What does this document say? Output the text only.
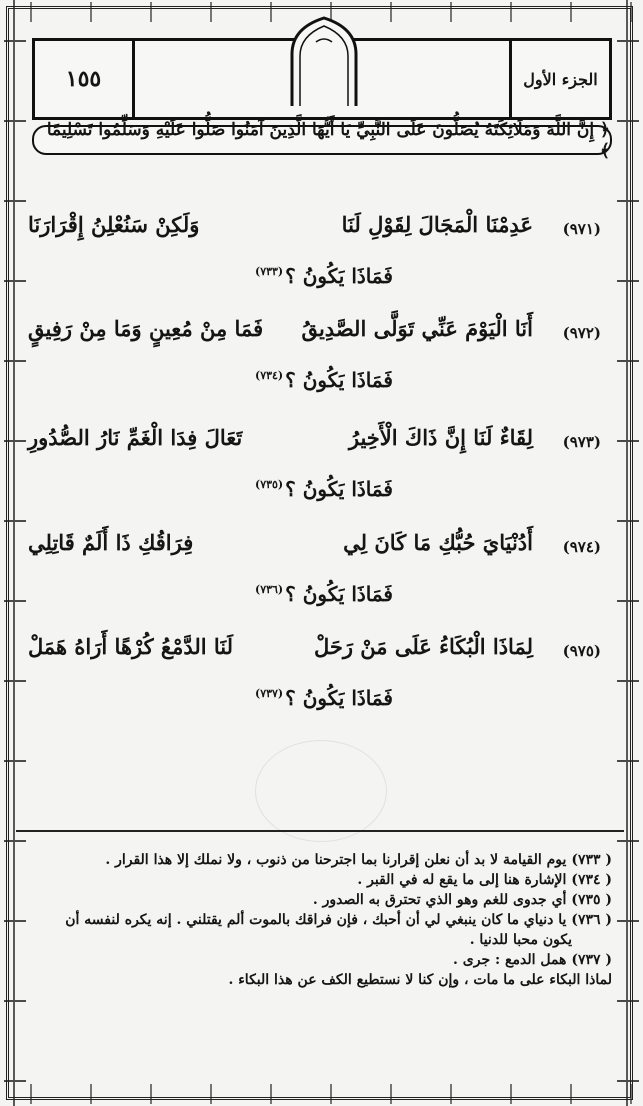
١٥٥	الجزء الأول
﴿ إِنَّ اللَّهَ وَمَلَائِكَتَهُ يُصَلُّونَ عَلَى النَّبِيِّ يَا أَيُّهَا الَّذِينَ آمَنُوا صَلُّوا عَلَيْهِ وَسَلِّمُوا تَسْلِيمًا ﴾
(٩٧١)
عَدِمْنَا الْمَجَالَ لِقَوْلِ لَنَا
وَلَكِنْ سَنُعْلِنُ إِقْرَارَنَا
فَمَاذَا يَكُونُ ؟$^{(٧٣٣)}$
(٩٧٢)
أَنَا الْيَوْمَ عَنِّي تَوَلَّى الصَّدِيقُ
فَمَا مِنْ مُعِينٍ وَمَا مِنْ رَفِيقٍ
فَمَاذَا يَكُونُ ؟$^{(٧٣٤)}$
(٩٧٣)
لِقَاءٌ لَنَا إِنَّ ذَاكَ الْأَخِيرُ
تَعَالَ فِدَا الْغَمِّ نَارُ الصُّدُورِ
فَمَاذَا يَكُونُ ؟$^{(٧٣٥)}$
(٩٧٤)
أَدُنْيَايَ حُبُّكِ مَا كَانَ لِي
فِرَاقُكِ ذَا أَلَمٌ قَاتِلِي
فَمَاذَا يَكُونُ ؟$^{(٧٣٦)}$
(٩٧٥)
لِمَاذَا الْبُكَاءُ عَلَى مَنْ رَحَلْ
لَنَا الدَّمْعُ كُرْهًا أَرَاهُ هَمَلْ
فَمَاذَا يَكُونُ ؟$^{(٧٣٧)}$

( ٧٣٣) يوم القيامة لا بد أن نعلن إقرارنا بما اجترحنا من ذنوب ، ولا نملك إلا هذا القرار .

( ٧٣٤) الإشارة هنا إلى ما يقع له في القبر .

( ٧٣٥) أي جدوى للغم وهو الذي تحترق به الصدور .

( ٧٣٦) يا دنياي ما كان ينبغي لي أن أحبك ، فإن فراقك بالموت ألم يقتلني . إنه يكره لنفسه أن

يكون محبا للدنيا .

( ٧٣٧) همل الدمع : جرى .

لماذا البكاء على ما مات ، وإن كنا لا نستطيع الكف عن هذا البكاء .
